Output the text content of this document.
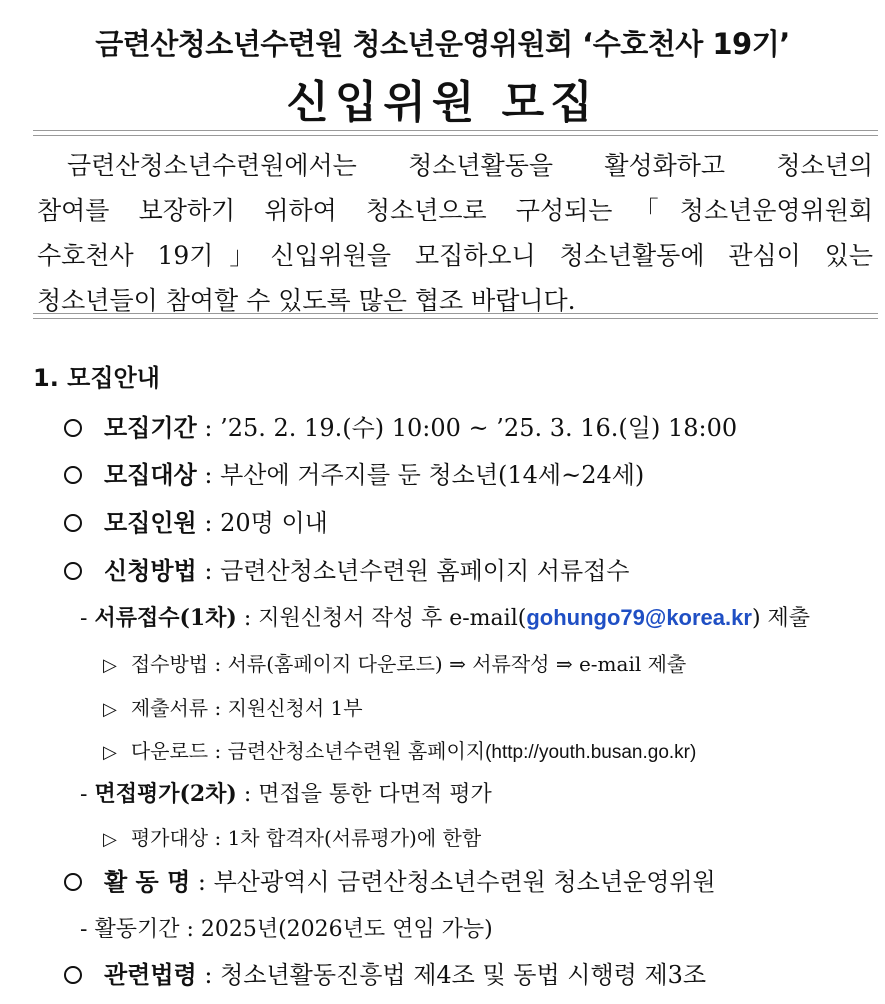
금련산청소년수련원 청소년운영위원회 ‘수호천사 19기’
신입위원 모집
금련산청소년수련원에서는 청소년활동을 활성화하고 청소년의
참여를 보장하기 위하여 청소년으로 구성되는「청소년운영위원회
수호천사 19기」신입위원을 모집하오니 청소년활동에 관심이 있는
청소년들이 참여할 수 있도록 많은 협조 바랍니다.
1. 모집안내
모집기간 : ’25. 2. 19.(수) 10:00 ~ ’25. 3. 16.(일) 18:00
모집대상 : 부산에 거주지를 둔 청소년(14세~24세)
모집인원 : 20명 이내
신청방법 : 금련산청소년수련원 홈페이지 서류접수
- 서류접수(1차) : 지원신청서 작성 후 e-mail(gohungo79@korea.kr) 제출
▷ 접수방법 : 서류(홈페이지 다운로드) ⇒ 서류작성 ⇒ e-mail 제출
▷ 제출서류 : 지원신청서 1부
▷ 다운로드 : 금련산청소년수련원 홈페이지(http://youth.busan.go.kr)
- 면접평가(2차) : 면접을 통한 다면적 평가
▷ 평가대상 : 1차 합격자(서류평가)에 한함
활 동 명 : 부산광역시 금련산청소년수련원 청소년운영위원
- 활동기간 : 2025년(2026년도 연임 가능)
관련법령 : 청소년활동진흥법 제4조 및 동법 시행령 제3조
